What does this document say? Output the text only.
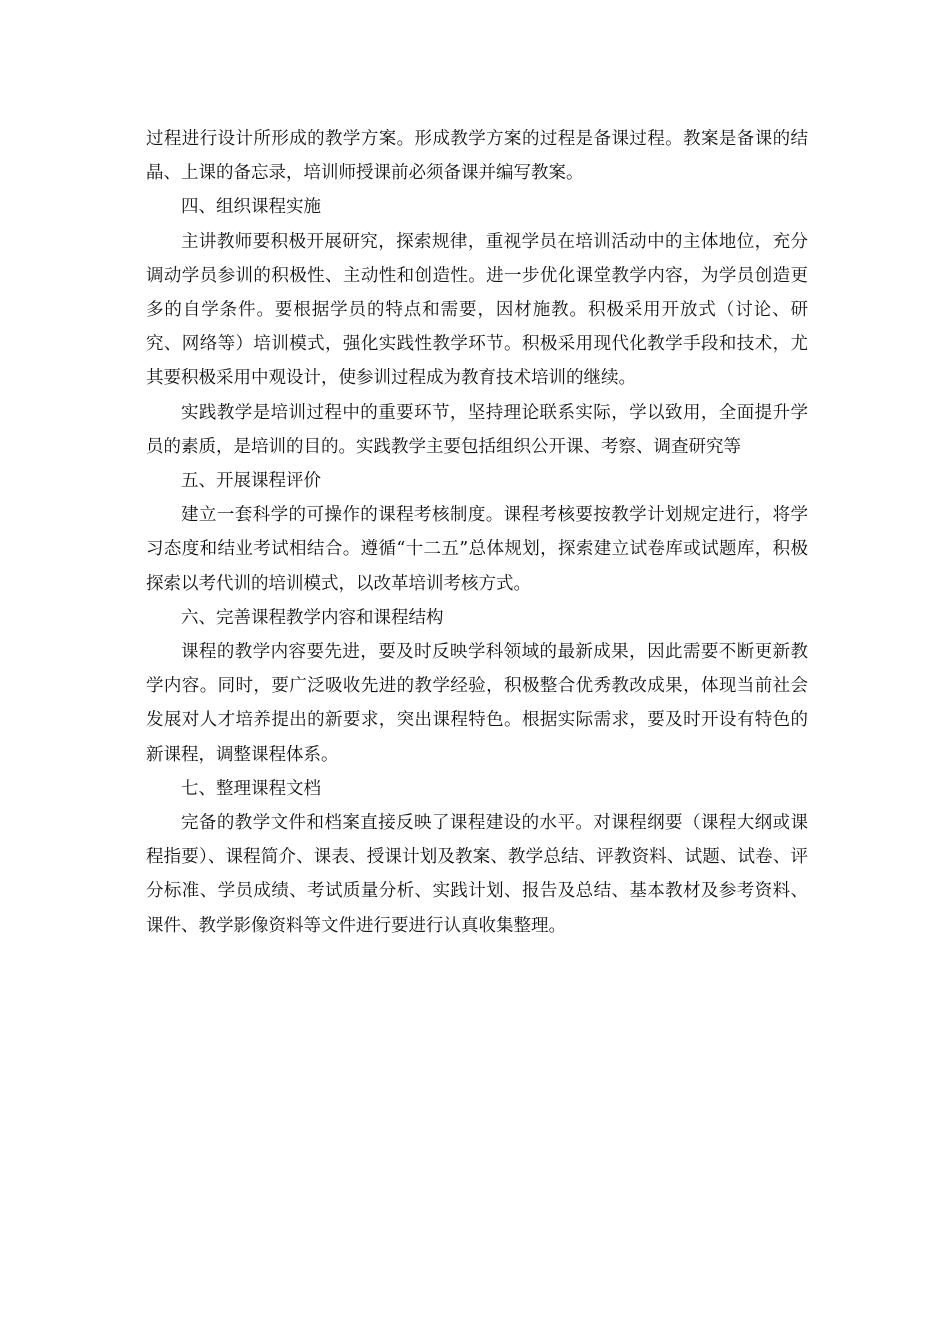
过程进行设计所形成的教学方案。形成教学方案的过程是备课过程。教案是备课的结晶、上课的备忘录，培训师授课前必须备课并编写教案。

四、组织课程实施

主讲教师要积极开展研究，探索规律，重视学员在培训活动中的主体地位，充分调动学员参训的积极性、主动性和创造性。进一步优化课堂教学内容，为学员创造更多的自学条件。要根据学员的特点和需要，因材施教。积极采用开放式（讨论、研究、网络等）培训模式，强化实践性教学环节。积极采用现代化教学手段和技术，尤其要积极采用中观设计，使参训过程成为教育技术培训的继续。

实践教学是培训过程中的重要环节，坚持理论联系实际，学以致用，全面提升学员的素质，是培训的目的。实践教学主要包括组织公开课、考察、调查研究等

五、开展课程评价

建立一套科学的可操作的课程考核制度。课程考核要按教学计划规定进行，将学习态度和结业考试相结合。遵循“十二五”总体规划，探索建立试卷库或试题库，积极探索以考代训的培训模式，以改革培训考核方式。

六、完善课程教学内容和课程结构

课程的教学内容要先进，要及时反映学科领域的最新成果，因此需要不断更新教学内容。同时，要广泛吸收先进的教学经验，积极整合优秀教改成果，体现当前社会发展对人才培养提出的新要求，突出课程特色。根据实际需求，要及时开设有特色的新课程，调整课程体系。

七、整理课程文档

完备的教学文件和档案直接反映了课程建设的水平。对课程纲要（课程大纲或课程指要）、课程简介、课表、授课计划及教案、教学总结、评教资料、试题、试卷、评分标准、学员成绩、考试质量分析、实践计划、报告及总结、基本教材及参考资料、课件、教学影像资料等文件进行要进行认真收集整理。
